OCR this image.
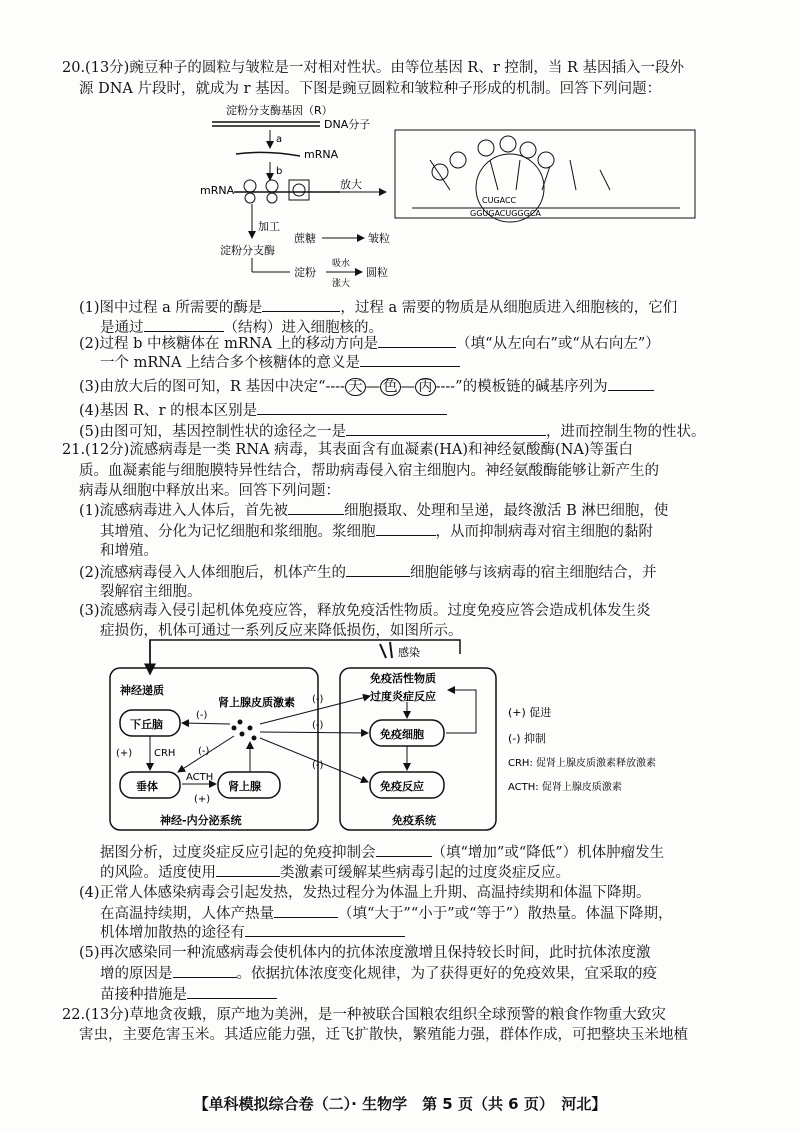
20.(13分)豌豆种子的圆粒与皱粒是一对相对性状。由等位基因 R、r 控制，当 R 基因插入一段外
源 DNA 片段时，就成为 r 基因。下图是豌豆圆粒和皱粒种子形成的机制。回答下列问题：
淀粉分支酶基因（R）
DNA分子
a
mRNA
b
mRNA	放大
加工
淀粉分支酶
蔗糖	皱粒
淀粉
吸水
涨大
圆粒
CUGACC
GGUGACUGGGCA
(1)图中过程 a 所需要的酶是	，过程 a 需要的物质是从细胞质进入细胞核的，它们
是通过	（结构）进入细胞核的。
(2)过程 b 中核糖体在 mRNA 上的移动方向是	（填“从左向右”或“从右向左”）
一个 mRNA 上结合多个核糖体的意义是
(3)由放大后的图可知，R 基因中决定“---- 天 — 色 — 丙 ----”的模板链的碱基序列为
(4)基因 R、r 的根本区别是
(5)由图可知，基因控制性状的途径之一是	，进而控制生物的性状。
21.(12分)流感病毒是一类 RNA 病毒，其表面含有血凝素(HA)和神经氨酸酶(NA)等蛋白
质。血凝素能与细胞膜特异性结合，帮助病毒侵入宿主细胞内。神经氨酸酶能够让新产生的
病毒从细胞中释放出来。回答下列问题：
(1)流感病毒进入人体后，首先被	细胞摄取、处理和呈递，最终激活 B 淋巴细胞，使
其增殖、分化为记忆细胞和浆细胞。浆细胞	，从而抑制病毒对宿主细胞的黏附
和增殖。
(2)流感病毒侵入人体细胞后，机体产生的	细胞能够与该病毒的宿主细胞结合，并
裂解宿主细胞。
(3)流感病毒入侵引起机体免疫应答，释放免疫活性物质。过度免疫应答会造成机体发生炎
症损伤，机体可通过一系列反应来降低损伤，如图所示。
感染
神经递质
肾上腺皮质激素
免疫活性物质
过度炎症反应
下丘脑
垂体	肾上腺
免疫细胞
免疫反应
(+) CRH
ACTH
(+)
(-)
(-)
(-)
(-)
(-)
神经-内分泌系统	免疫系统
(+) 促进
(-) 抑制
CRH: 促肾上腺皮质激素释放激素
ACTH: 促肾上腺皮质激素
据图分析，过度炎症反应引起的免疫抑制会	（填“增加”或“降低”）机体肿瘤发生
的风险。适度使用	类激素可缓解某些病毒引起的过度炎症反应。
(4)正常人体感染病毒会引起发热，发热过程分为体温上升期、高温持续期和体温下降期。
在高温持续期，人体产热量	（填“大于”“小于”或“等于”）散热量。体温下降期，
机体增加散热的途径有
(5)再次感染同一种流感病毒会使机体内的抗体浓度激增且保持较长时间，此时抗体浓度激
增的原因是	。依据抗体浓度变化规律，为了获得更好的免疫效果，宜采取的疫
苗接种措施是
22.(13分)草地贪夜蛾，原产地为美洲，是一种被联合国粮农组织全球预警的粮食作物重大致灾
害虫，主要危害玉米。其适应能力强，迁飞扩散快，繁殖能力强，群体作成，可把整块玉米地植
【单科模拟综合卷（二）· 生物学　第 5 页（共 6 页）　河北】
